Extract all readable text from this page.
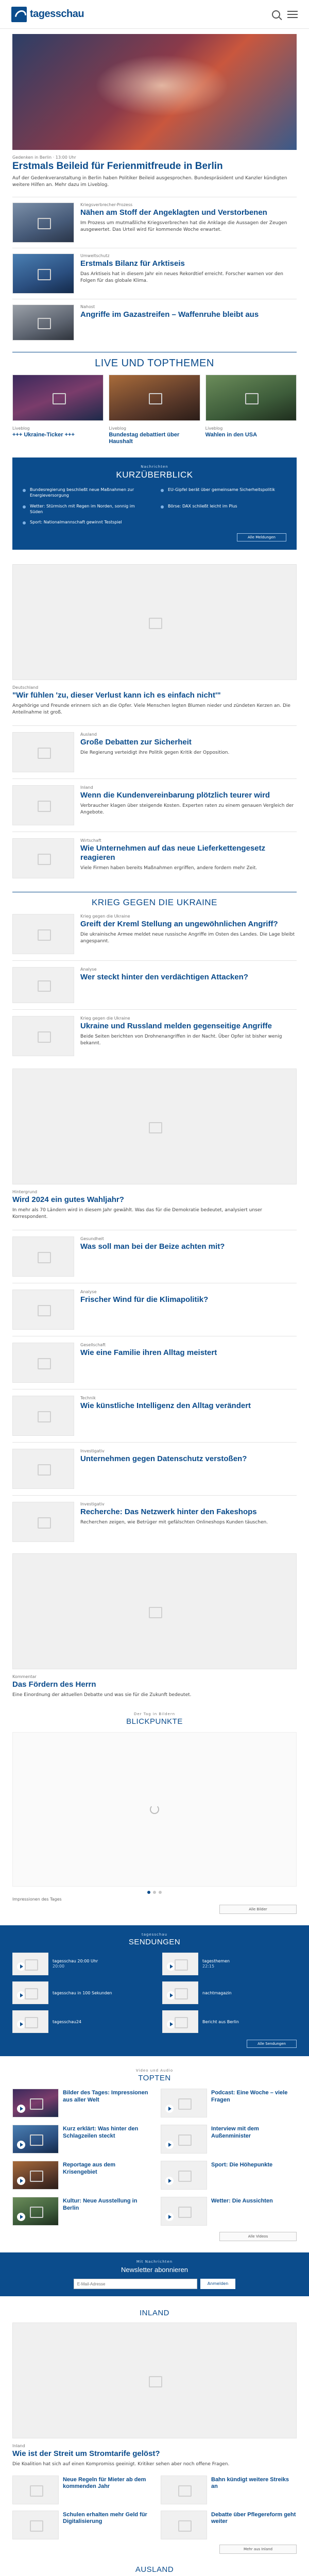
tagesschau
Gedenken in Berlin · 13:00 Uhr
Erstmals Beileid für Ferienmitfreude in Berlin
Auf der Gedenkveranstaltung in Berlin haben Politiker Beileid ausgesprochen. Bundespräsident und Kanzler kündigten weitere Hilfen an. Mehr dazu im Liveblog.
Kriegsverbrecher-Prozess
Nähen am Stoff der Angeklagten und Verstorbenen
Im Prozess um mutmaßliche Kriegsverbrechen hat die Anklage die Aussagen der Zeugen ausgewertet. Das Urteil wird für kommende Woche erwartet.
Umweltschutz
Erstmals Bilanz für Arktiseis
Das Arktiseis hat in diesem Jahr ein neues Rekordtief erreicht. Forscher warnen vor den Folgen für das globale Klima.
Nahost
Angriffe im Gazastreifen – Waffenruhe bleibt aus
LIVE UND TOPTHEMEN
Liveblog
+++ Ukraine-Ticker +++
Liveblog
Bundestag debattiert über Haushalt
Liveblog
Wahlen in den USA
Nachrichten
KURZÜBERBLICK
Bundesregierung beschließt neue Maßnahmen zur Energieversorgung
EU-Gipfel berät über gemeinsame Sicherheitspolitik
Wetter: Stürmisch mit Regen im Norden, sonnig im Süden
Börse: DAX schließt leicht im Plus
Sport: Nationalmannschaft gewinnt Testspiel
Alle Meldungen
Deutschland
"Wir fühlen 'zu, dieser Verlust kann ich es einfach nicht'"
Angehörige und Freunde erinnern sich an die Opfer. Viele Menschen legten Blumen nieder und zündeten Kerzen an. Die Anteilnahme ist groß.
Ausland
Große Debatten zur Sicherheit
Die Regierung verteidigt ihre Politik gegen Kritik der Opposition.
Inland
Wenn die Kundenvereinbarung plötzlich teurer wird
Verbraucher klagen über steigende Kosten. Experten raten zu einem genauen Vergleich der Angebote.
Wirtschaft
Wie Unternehmen auf das neue Lieferkettengesetz reagieren
Viele Firmen haben bereits Maßnahmen ergriffen, andere fordern mehr Zeit.
KRIEG GEGEN DIE UKRAINE
Krieg gegen die Ukraine
Greift der Kreml Stellung an ungewöhnlichen Angriff?
Die ukrainische Armee meldet neue russische Angriffe im Osten des Landes. Die Lage bleibt angespannt.
Analyse
Wer steckt hinter den verdächtigen Attacken?
Krieg gegen die Ukraine
Ukraine und Russland melden gegenseitige Angriffe
Beide Seiten berichten von Drohnenangriffen in der Nacht. Über Opfer ist bisher wenig bekannt.
Hintergrund
Wird 2024 ein gutes Wahljahr?
In mehr als 70 Ländern wird in diesem Jahr gewählt. Was das für die Demokratie bedeutet, analysiert unser Korrespondent.
Gesundheit
Was soll man bei der Beize achten mit?
Analyse
Frischer Wind für die Klimapolitik?
Gesellschaft
Wie eine Familie ihren Alltag meistert
Technik
Wie künstliche Intelligenz den Alltag verändert
Investigativ
Unternehmen gegen Datenschutz verstoßen?
Investigativ
Recherche: Das Netzwerk hinter den Fakeshops
Recherchen zeigen, wie Betrüger mit gefälschten Onlineshops Kunden täuschen.
Kommentar
Das Fördern des Herrn
Eine Einordnung der aktuellen Debatte und was sie für die Zukunft bedeutet.
Der Tag in Bildern
BLICKPUNKTE
Impressionen des Tages
Alle Bilder
tagesschau
SENDUNGEN
tagesschau 20:00 Uhr
20:00
tagesthemen
22:15
tagesschau in 100 Sekunden	nachtmagazin
tagesschau24	Bericht aus Berlin
Alle Sendungen
Video und Audio
TOPTEN
Bilder des Tages: Impressionen aus aller Welt
Podcast: Eine Woche – viele Fragen
Kurz erklärt: Was hinter den Schlagzeilen steckt
Interview mit dem Außenminister
Reportage aus dem Krisengebiet
Sport: Die Höhepunkte
Kultur: Neue Ausstellung in Berlin
Wetter: Die Aussichten
Alle Videos
Mit Nachrichten
Newsletter abonnieren
E-Mail-Adresse
Anmelden
INLAND
Inland
Wie ist der Streit um Stromtarife gelöst?
Die Koalition hat sich auf einen Kompromiss geeinigt. Kritiker sehen aber noch offene Fragen.
Neue Regeln für Mieter ab dem kommenden Jahr
Bahn kündigt weitere Streiks an
Schulen erhalten mehr Geld für Digitalisierung
Debatte über Pflegereform geht weiter
Mehr aus Inland
AUSLAND
